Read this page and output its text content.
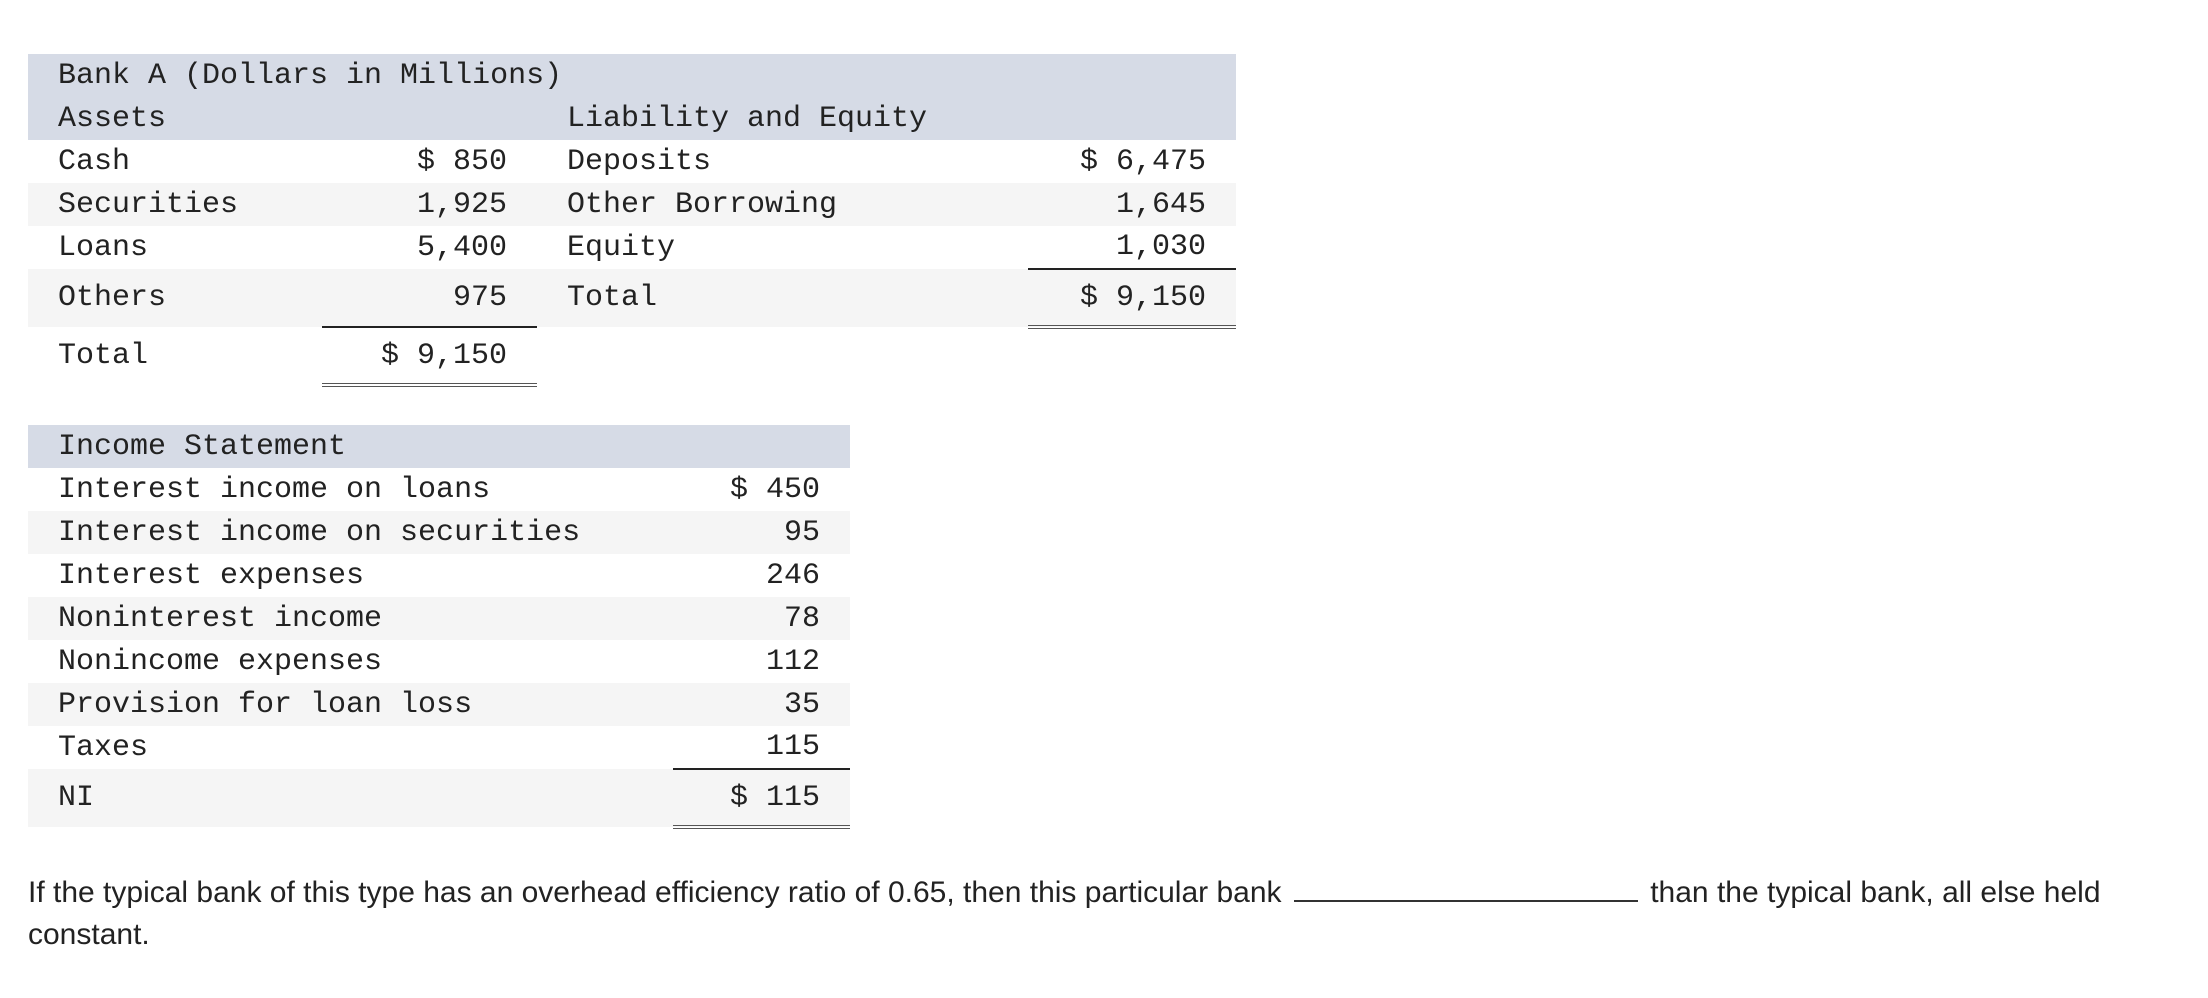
Bank A (Dollars in Millions)			
Assets		Liability and Equity	
Cash	$ 850	Deposits	$ 6,475
Securities	1,925	Other Borrowing	1,645
Loans	5,400	Equity	1,030
Others	975	Total	$ 9,150
Total	$ 9,150		
Income Statement	
Interest income on loans	$ 450
Interest income on securities	95
Interest expenses	246
Noninterest income	78
Nonincome expenses	112
Provision for loan loss	35
Taxes	115
NI	$ 115
If the typical bank of this type has an overhead efficiency ratio of 0.65, then this particular bank	than the typical bank, all else held constant.
